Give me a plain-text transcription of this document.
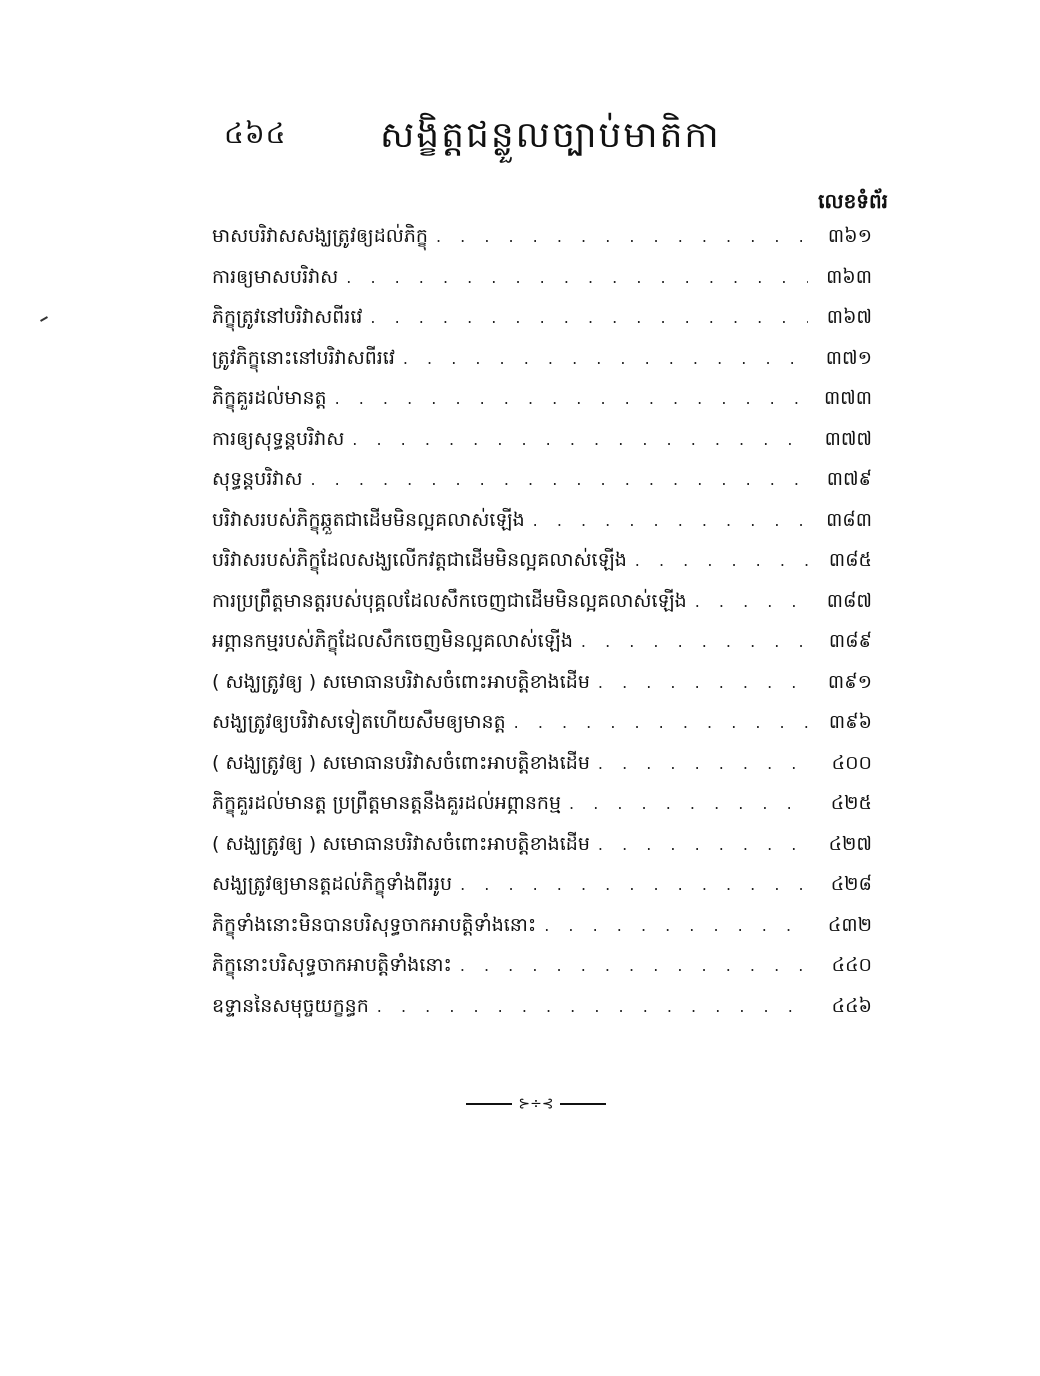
៤៦៤	សង្ខិត្តជន្លួលច្បាប់មាតិកា
លេខទំព័រ
មាសបរិវាសសង្ឃត្រូវឲ្យដល់ភិក្ខុ . . .	៣៦១
ការឲ្យមាសបរិវាស . . .	៣៦៣
ភិក្ខុត្រូវនៅបរិវាសពីរវេ . . .	៣៦៧
ត្រូវភិក្ខុនោះនៅបរិវាសពីរវេ . . .	៣៧១
ភិក្ខុគួរដល់មានត្ត . . .	៣៧៣
ការឲ្យសុទ្ធន្តបរិវាស . . .	៣៧៧
សុទ្ធន្តបរិវាស . . .	៣៧៩
បរិវាសរបស់ភិក្ខុឆ្កួតជាដើមមិនល្អគលាស់ឡើង . . .	៣៨៣
បរិវាសរបស់ភិក្ខុដែលសង្ឃលើកវត្តជាដើមមិនល្អគលាស់ឡើង . . .	៣៨៥
ការប្រព្រឹត្តមានត្តរបស់បុគ្គលដែលសឹកចេញជាដើមមិនល្អគលាស់ឡើង . . .	៣៨៧
អព្ភានកម្មរបស់ភិក្ខុដែលសឹកចេញមិនល្អគលាស់ឡើង . . .	៣៨៩
( សង្ឃត្រូវឲ្យ ) សមោធានបរិវាសចំពោះអាបត្តិខាងដើម . . .	៣៩១
សង្ឃត្រូវឲ្យបរិវាសទៀតហើយសឹមឲ្យមានត្ត . . .	៣៩៦
( សង្ឃត្រូវឲ្យ ) សមោធានបរិវាសចំពោះអាបត្តិខាងដើម . . .	៤០០
ភិក្ខុគួរដល់មានត្ត ប្រព្រឹត្តមានត្តនឹងគួរដល់អព្ភានកម្ម . . .	៤២៥
( សង្ឃត្រូវឲ្យ ) សមោធានបរិវាសចំពោះអាបត្តិខាងដើម . . .	៤២៧
សង្ឃត្រូវឲ្យមានត្តដល់ភិក្ខុទាំងពីររូប . . .	៤២៨
ភិក្ខុទាំងនោះមិនបានបរិសុទ្ធចាកអាបត្តិទាំងនោះ . . .	៤៣២
ភិក្ខុនោះបរិសុទ្ធចាកអាបត្តិទាំងនោះ . . .	៤៤០
ឧទ្ទាននៃសមុច្ចយក្ខន្ធក . . .	៤៤៦
⊱÷⊰
